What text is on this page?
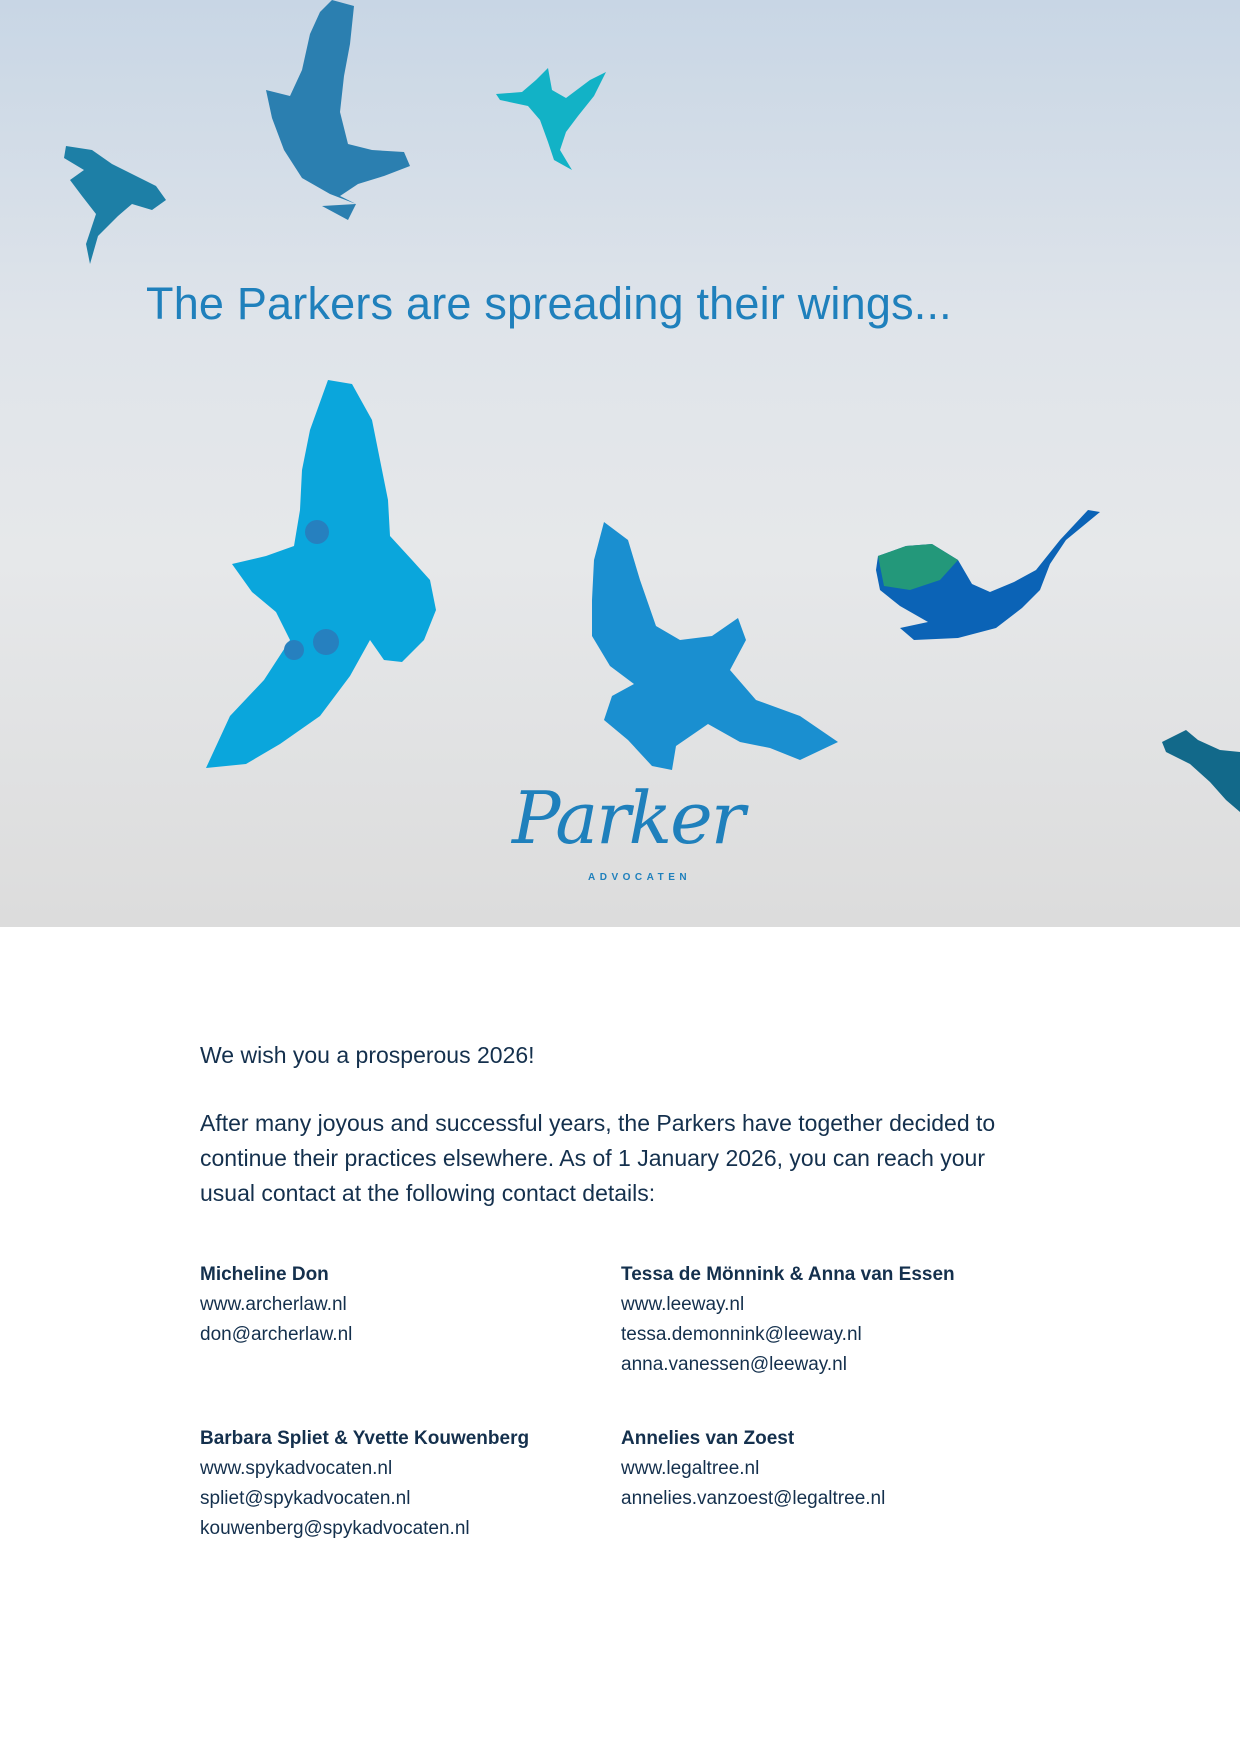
The Parkers are spreading their wings...
Parker
ADVOCATEN

We wish you a prosperous 2026!

After many joyous and successful years, the Parkers have together decided to continue their practices elsewhere. As of 1 January 2026, you can reach your usual contact at the following contact details:

Micheline Don
www.archerlaw.nl
don@archerlaw.nl
Tessa de Mönnink & Anna van Essen
www.leeway.nl
tessa.demonnink@leeway.nl
anna.vanessen@leeway.nl
Barbara Spliet & Yvette Kouwenberg
www.spykadvocaten.nl
spliet@spykadvocaten.nl
kouwenberg@spykadvocaten.nl
Annelies van Zoest
www.legaltree.nl
annelies.vanzoest@legaltree.nl
